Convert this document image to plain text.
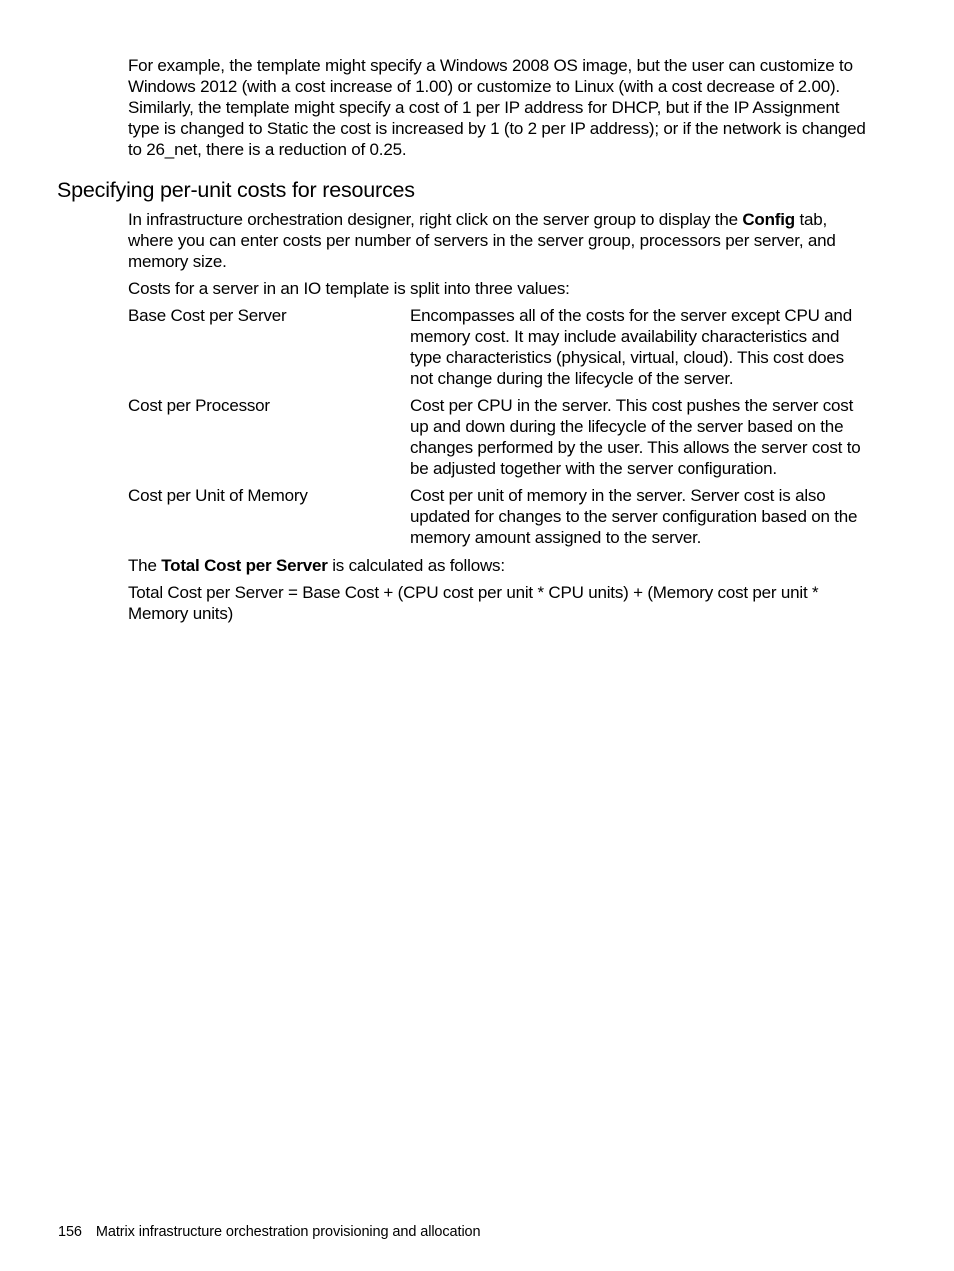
For example, the template might specify a Windows 2008 OS image, but the user can customize to Windows 2012 (with a cost increase of 1.00) or customize to Linux (with a cost decrease of 2.00). Similarly, the template might specify a cost of 1 per IP address for DHCP, but if the IP Assignment type is changed to Static the cost is increased by 1 (to 2 per IP address); or if the network is changed to 26_net, there is a reduction of 0.25.

Specifying per-unit costs for resources

In infrastructure orchestration designer, right click on the server group to display the Config tab, where you can enter costs per number of servers in the server group, processors per server, and memory size.

Costs for a server in an IO template is split into three values:

Base Cost per Server	Encompasses all of the costs for the server except CPU and memory cost. It may include availability characteristics and type characteristics (physical, virtual, cloud). This cost does not change during the lifecycle of the server.
Cost per Processor	Cost per CPU in the server. This cost pushes the server cost up and down during the lifecycle of the server based on the changes performed by the user. This allows the server cost to be adjusted together with the server configuration.
Cost per Unit of Memory	Cost per unit of memory in the server. Server cost is also updated for changes to the server configuration based on the memory amount assigned to the server.

The Total Cost per Server is calculated as follows:

Total Cost per Server = Base Cost + (CPU cost per unit * CPU units) + (Memory cost per unit * Memory units)

156 Matrix infrastructure orchestration provisioning and allocation
